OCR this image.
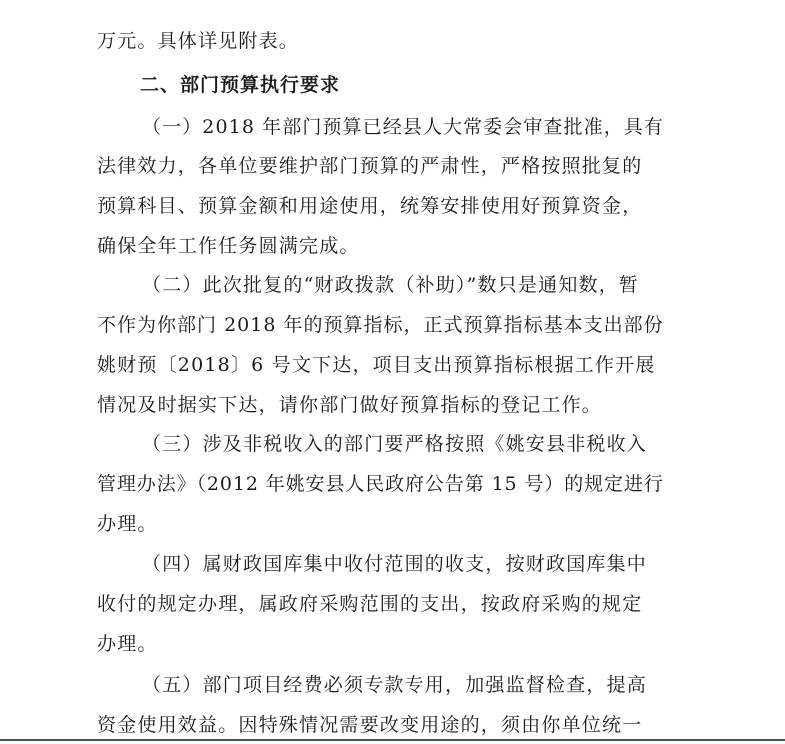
万元。具体详见附表。
二、部门预算执行要求
（一）2018 年部门预算已经县人大常委会审查批准，具有
法律效力，各单位要维护部门预算的严肃性，严格按照批复的
预算科目、预算金额和用途使用，统筹安排使用好预算资金，
确保全年工作任务圆满完成。
（二）此次批复的“财政拨款（补助）”数只是通知数，暂
不作为你部门 2018 年的预算指标，正式预算指标基本支出部份
姚财预〔2018〕6 号文下达，项目支出预算指标根据工作开展
情况及时据实下达，请你部门做好预算指标的登记工作。
（三）涉及非税收入的部门要严格按照《姚安县非税收入
管理办法》（2012 年姚安县人民政府公告第 15 号）的规定进行
办理。
（四）属财政国库集中收付范围的收支，按财政国库集中
收付的规定办理，属政府采购范围的支出，按政府采购的规定
办理。
（五）部门项目经费必须专款专用，加强监督检查，提高
资金使用效益。因特殊情况需要改变用途的，须由你单位统一
